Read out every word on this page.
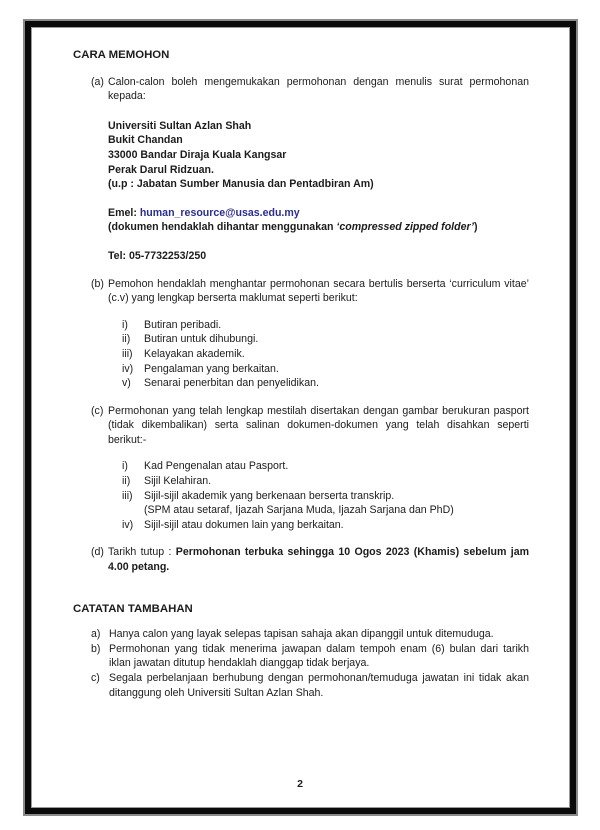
CARA MEMOHON
(a) Calon-calon boleh mengemukakan permohonan dengan menulis surat permohonan kepada:
Universiti Sultan Azlan Shah
Bukit Chandan
33000 Bandar Diraja Kuala Kangsar
Perak Darul Ridzuan.
(u.p : Jabatan Sumber Manusia dan Pentadbiran Am)
Emel: human_resource@usas.edu.my
(dokumen hendaklah dihantar menggunakan ‘compressed zipped folder’)
Tel: 05-7732253/250
(b) Pemohon hendaklah menghantar permohonan secara bertulis berserta ‘curriculum vitae’ (c.v) yang lengkap berserta maklumat seperti berikut:
i) Butiran peribadi.
ii) Butiran untuk dihubungi.
iii) Kelayakan akademik.
iv) Pengalaman yang berkaitan.
v) Senarai penerbitan dan penyelidikan.
(c) Permohonan yang telah lengkap mestilah disertakan dengan gambar berukuran pasport (tidak dikembalikan) serta salinan dokumen-dokumen yang telah disahkan seperti berikut:-
i) Kad Pengenalan atau Pasport.
ii) Sijil Kelahiran.
iii) Sijil-sijil akademik yang berkenaan berserta transkrip.
(SPM atau setaraf, Ijazah Sarjana Muda, Ijazah Sarjana dan PhD)
iv) Sijil-sijil atau dokumen lain yang berkaitan.
(d) Tarikh tutup : Permohonan terbuka sehingga 10 Ogos 2023 (Khamis) sebelum jam 4.00 petang.
CATATAN TAMBAHAN
a) Hanya calon yang layak selepas tapisan sahaja akan dipanggil untuk ditemuduga.
b) Permohonan yang tidak menerima jawapan dalam tempoh enam (6) bulan dari tarikh iklan jawatan ditutup hendaklah dianggap tidak berjaya.
c) Segala perbelanjaan berhubung dengan permohonan/temuduga jawatan ini tidak akan ditanggung oleh Universiti Sultan Azlan Shah.
2
